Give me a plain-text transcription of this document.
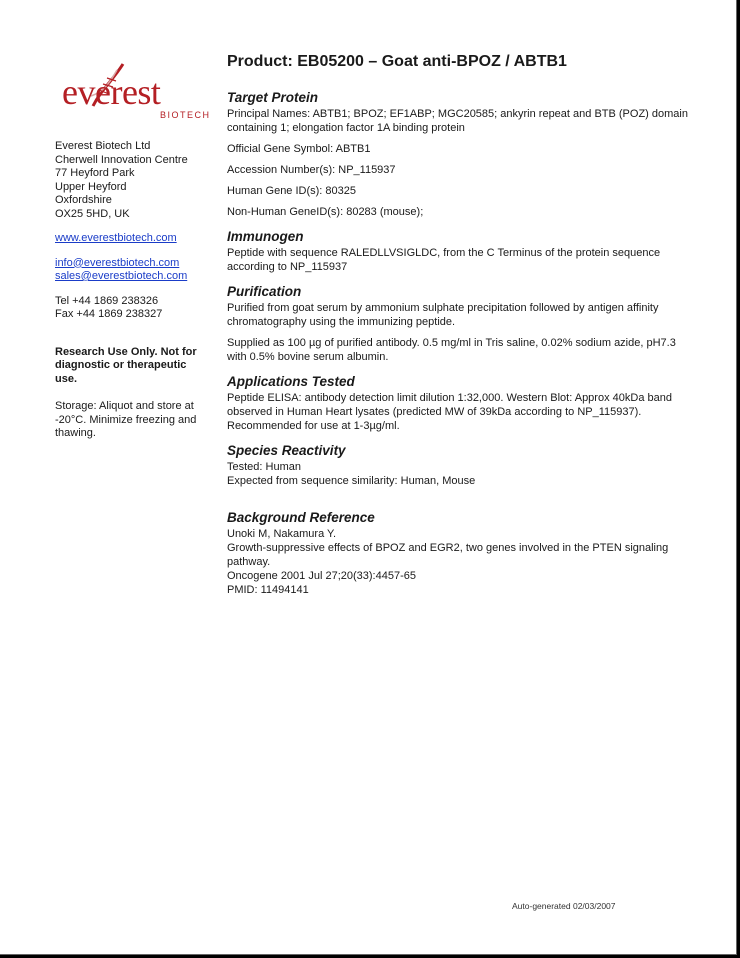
everest
BIOTECH
Everest Biotech Ltd
Cherwell Innovation Centre
77 Heyford Park
Upper Heyford
Oxfordshire
OX25 5HD, UK
www.everestbiotech.com
info@everestbiotech.com
sales@everestbiotech.com
Tel +44 1869 238326
Fax +44 1869 238327
Research Use Only. Not for diagnostic or therapeutic use.
Storage: Aliquot and store at -20°C. Minimize freezing and thawing.
Product: EB05200 – Goat anti-BPOZ / ABTB1
Target Protein
Principal Names: ABTB1; BPOZ; EF1ABP; MGC20585; ankyrin repeat and BTB (POZ) domain containing 1; elongation factor 1A binding protein
Official Gene Symbol: ABTB1
Accession Number(s): NP_115937
Human Gene ID(s): 80325
Non-Human GeneID(s): 80283 (mouse);
Immunogen
Peptide with sequence RALEDLLVSIGLDC, from the C Terminus of the protein sequence according to NP_115937
Purification
Purified from goat serum by ammonium sulphate precipitation followed by antigen affinity chromatography using the immunizing peptide.
Supplied as 100 µg of purified antibody. 0.5 mg/ml in Tris saline, 0.02% sodium azide, pH7.3 with 0.5% bovine serum albumin.
Applications Tested
Peptide ELISA: antibody detection limit dilution 1:32,000. Western Blot: Approx 40kDa band observed in Human Heart lysates (predicted MW of 39kDa according to NP_115937). Recommended for use at 1-3µg/ml.
Species Reactivity
Tested: Human
Expected from sequence similarity: Human, Mouse
Background Reference
Unoki M, Nakamura Y.
Growth-suppressive effects of BPOZ and EGR2, two genes involved in the PTEN signaling pathway.
Oncogene 2001 Jul 27;20(33):4457-65
PMID: 11494141
Auto-generated 02/03/2007
